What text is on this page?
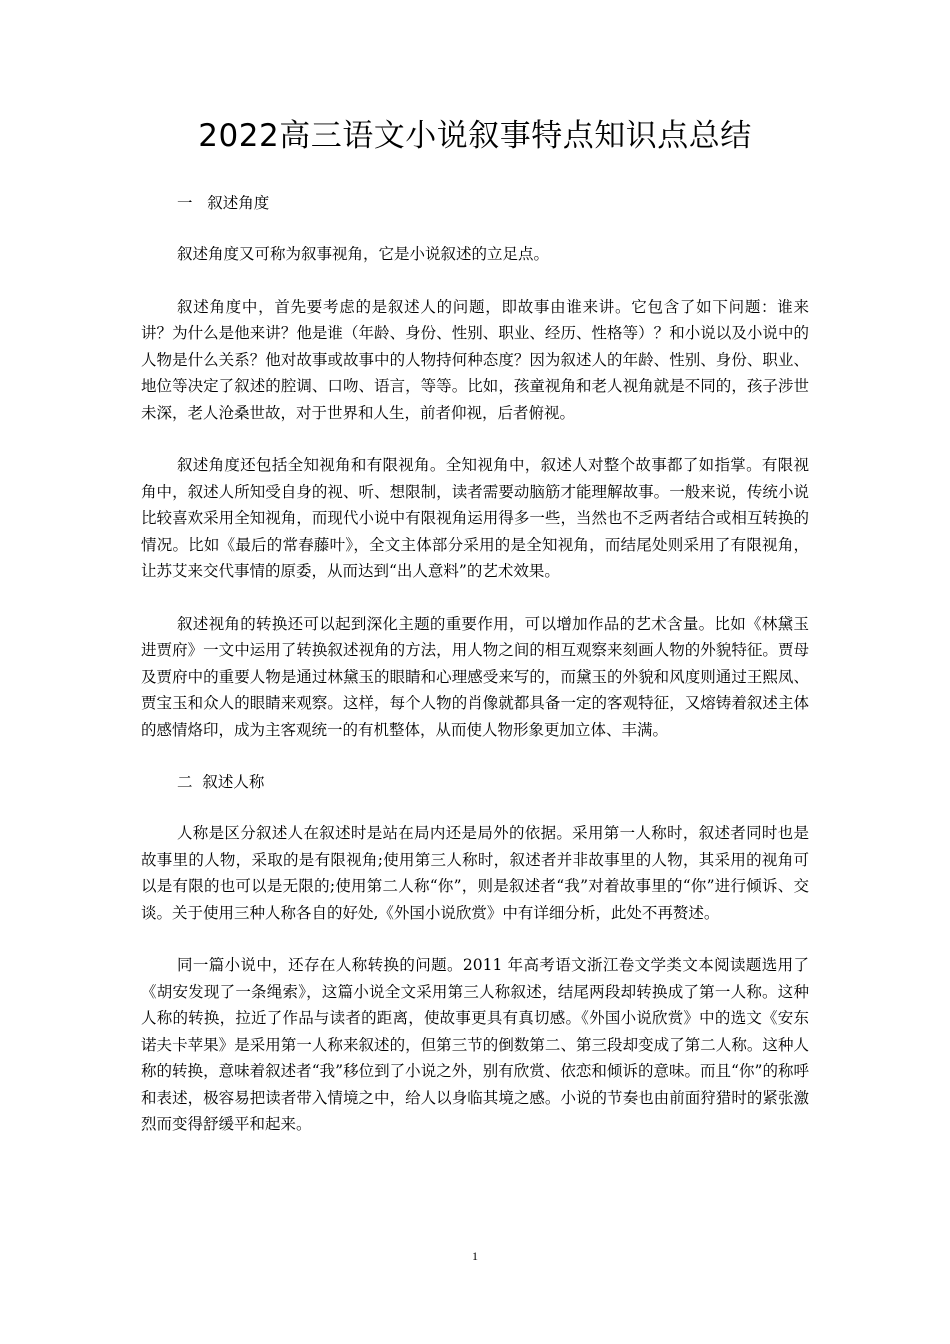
2022高三语文小说叙事特点知识点总结

一   叙述角度

叙述角度又可称为叙事视角，它是小说叙述的立足点。

叙述角度中，首先要考虑的是叙述人的问题，即故事由谁来讲。它包含了如下问题：谁来讲？为什么是他来讲？他是谁（年龄、身份、性别、职业、经历、性格等）？和小说以及小说中的人物是什么关系？他对故事或故事中的人物持何种态度？因为叙述人的年龄、性别、身份、职业、地位等决定了叙述的腔调、口吻、语言，等等。比如，孩童视角和老人视角就是不同的，孩子涉世未深，老人沧桑世故，对于世界和人生，前者仰视，后者俯视。

叙述角度还包括全知视角和有限视角。全知视角中，叙述人对整个故事都了如指掌。有限视角中，叙述人所知受自身的视、听、想限制，读者需要动脑筋才能理解故事。一般来说，传统小说比较喜欢采用全知视角，而现代小说中有限视角运用得多一些，当然也不乏两者结合或相互转换的情况。比如《最后的常春藤叶》，全文主体部分采用的是全知视角，而结尾处则采用了有限视角，让苏艾来交代事情的原委，从而达到“出人意料”的艺术效果。

叙述视角的转换还可以起到深化主题的重要作用，可以增加作品的艺术含量。比如《林黛玉进贾府》一文中运用了转换叙述视角的方法，用人物之间的相互观察来刻画人物的外貌特征。贾母及贾府中的重要人物是通过林黛玉的眼睛和心理感受来写的，而黛玉的外貌和风度则通过王熙凤、贾宝玉和众人的眼睛来观察。这样，每个人物的肖像就都具备一定的客观特征，又熔铸着叙述主体的感情烙印，成为主客观统一的有机整体，从而使人物形象更加立体、丰满。

二  叙述人称

人称是区分叙述人在叙述时是站在局内还是局外的依据。采用第一人称时，叙述者同时也是故事里的人物，采取的是有限视角;使用第三人称时，叙述者并非故事里的人物，其采用的视角可以是有限的也可以是无限的;使用第二人称“你”，则是叙述者“我”对着故事里的“你”进行倾诉、交谈。关于使用三种人称各自的好处,《外国小说欣赏》中有详细分析，此处不再赘述。

同一篇小说中，还存在人称转换的问题。2011 年高考语文浙江卷文学类文本阅读题选用了《胡安发现了一条绳索》，这篇小说全文采用第三人称叙述，结尾两段却转换成了第一人称。这种人称的转换，拉近了作品与读者的距离，使故事更具有真切感。《外国小说欣赏》中的选文《安东诺夫卡苹果》是采用第一人称来叙述的，但第三节的倒数第二、第三段却变成了第二人称。这种人称的转换，意味着叙述者“我”移位到了小说之外，别有欣赏、依恋和倾诉的意味。而且“你”的称呼和表述，极容易把读者带入情境之中，给人以身临其境之感。小说的节奏也由前面狩猎时的紧张激烈而变得舒缓平和起来。

1
